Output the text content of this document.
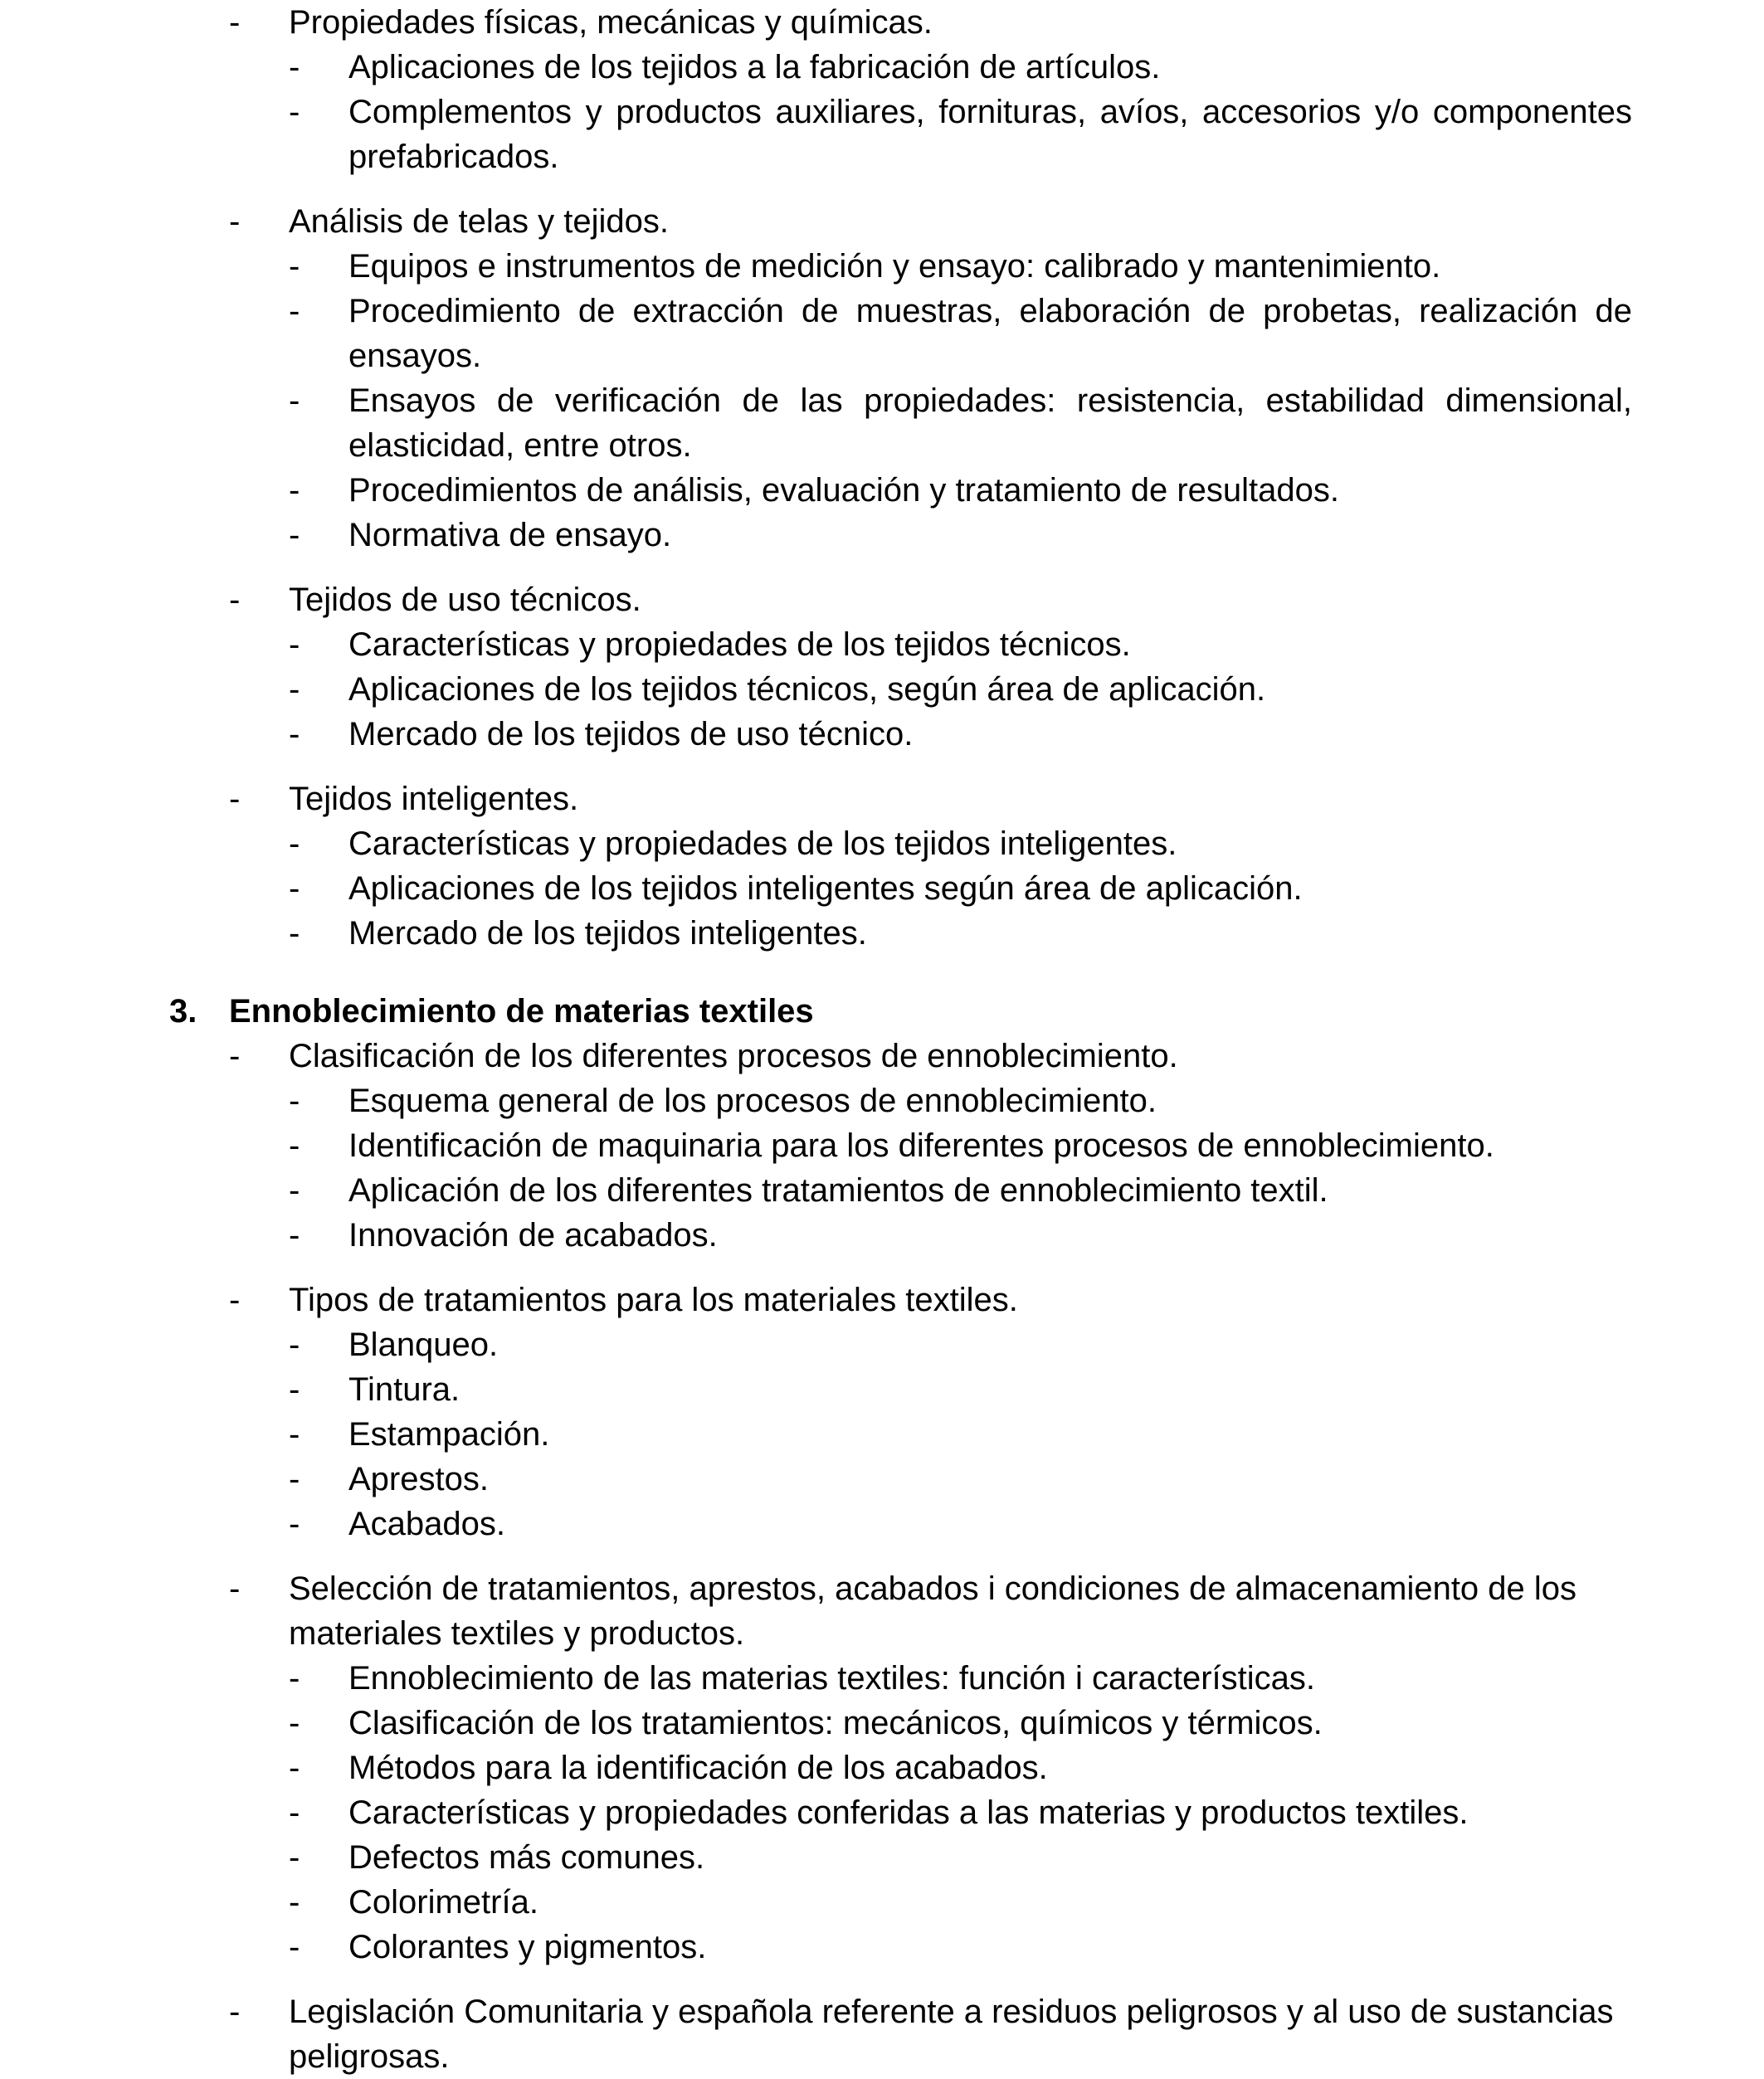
-	Propiedades físicas, mecánicas y químicas.
-	Aplicaciones de los tejidos a la fabricación de artículos.
-	Complementos y productos auxiliares, fornituras, avíos, accesorios y/o componentes prefabricados.
-	Análisis de telas y tejidos.
-	Equipos e instrumentos de medición y ensayo: calibrado y mantenimiento.
-	Procedimiento de extracción de muestras, elaboración de probetas, realización de ensayos.
-	Ensayos de verificación de las propiedades: resistencia, estabilidad dimensional, elasticidad, entre otros.
-	Procedimientos de análisis, evaluación y tratamiento de resultados.
-	Normativa de ensayo.
-	Tejidos de uso técnicos.
-	Características y propiedades de los tejidos técnicos.
-	Aplicaciones de los tejidos técnicos, según área de aplicación.
-	Mercado de los tejidos de uso técnico.
-	Tejidos inteligentes.
-	Características y propiedades de los tejidos inteligentes.
-	Aplicaciones de los tejidos inteligentes según área de aplicación.
-	Mercado de los tejidos inteligentes.
3. Ennoblecimiento de materias textiles
-	Clasificación de los diferentes procesos de ennoblecimiento.
-	Esquema general de los procesos de ennoblecimiento.
-	Identificación de maquinaria para los diferentes procesos de ennoblecimiento.
-	Aplicación de los diferentes tratamientos de ennoblecimiento textil.
-	Innovación de acabados.
-	Tipos de tratamientos para los materiales textiles.
-	Blanqueo.
-	Tintura.
-	Estampación.
-	Aprestos.
-	Acabados.
-	Selección de tratamientos, aprestos, acabados i condiciones de almacenamiento de los materiales textiles y productos.
-	Ennoblecimiento de las materias textiles: función i características.
-	Clasificación de los tratamientos: mecánicos, químicos y térmicos.
-	Métodos para la identificación de los acabados.
-	Características y propiedades conferidas a las materias y productos textiles.
-	Defectos más comunes.
-	Colorimetría.
-	Colorantes y pigmentos.
-	Legislación Comunitaria y española referente a residuos peligrosos y al uso de sustancias peligrosas.
